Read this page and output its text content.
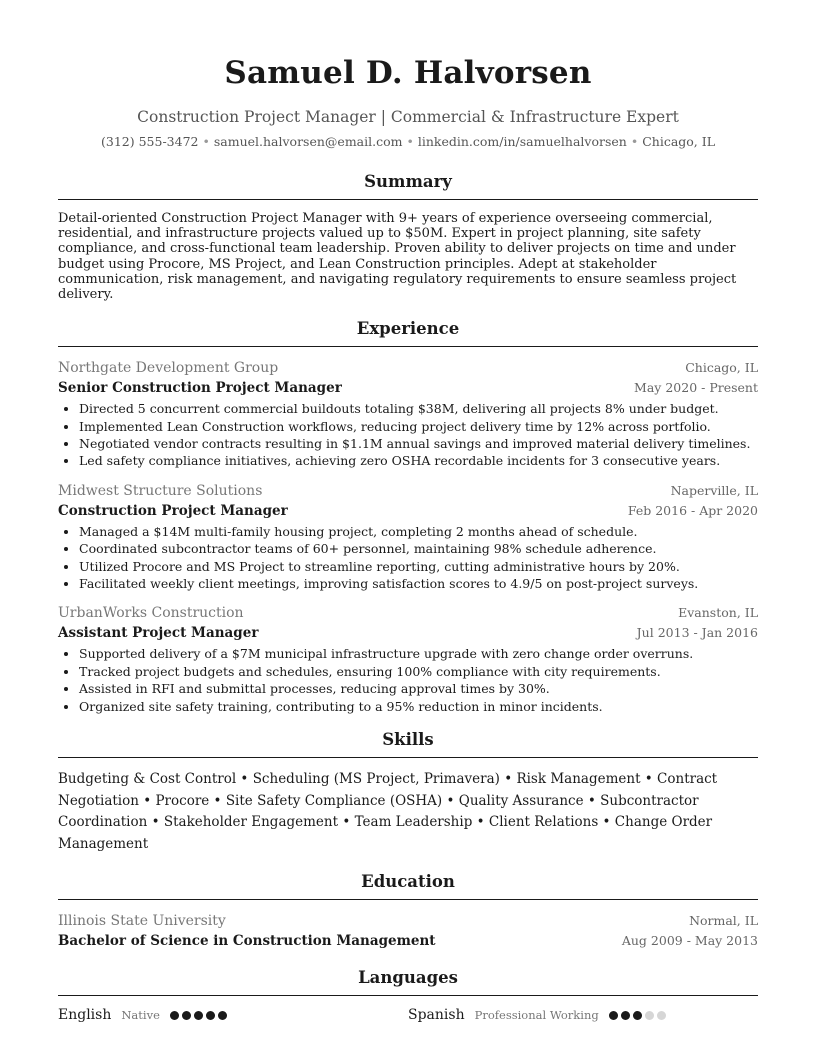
Samuel D. Halvorsen
Construction Project Manager | Commercial & Infrastructure Expert
(312) 555-3472 • samuel.halvorsen@email.com • linkedin.com/in/samuelhalvorsen • Chicago, IL
Summary
Detail-oriented Construction Project Manager with 9+ years of experience overseeing commercial, residential, and infrastructure projects valued up to $50M. Expert in project planning, site safety compliance, and cross-functional team leadership. Proven ability to deliver projects on time and under budget using Procore, MS Project, and Lean Construction principles. Adept at stakeholder communication, risk management, and navigating regulatory requirements to ensure seamless project delivery.
Experience
Northgate Development Group	Chicago, IL
Senior Construction Project Manager	May 2020 - Present
• Directed 5 concurrent commercial buildouts totaling $38M, delivering all projects 8% under budget.
• Implemented Lean Construction workflows, reducing project delivery time by 12% across portfolio.
• Negotiated vendor contracts resulting in $1.1M annual savings and improved material delivery timelines.
• Led safety compliance initiatives, achieving zero OSHA recordable incidents for 3 consecutive years.
Midwest Structure Solutions	Naperville, IL
Construction Project Manager	Feb 2016 - Apr 2020
• Managed a $14M multi-family housing project, completing 2 months ahead of schedule.
• Coordinated subcontractor teams of 60+ personnel, maintaining 98% schedule adherence.
• Utilized Procore and MS Project to streamline reporting, cutting administrative hours by 20%.
• Facilitated weekly client meetings, improving satisfaction scores to 4.9/5 on post-project surveys.
UrbanWorks Construction	Evanston, IL
Assistant Project Manager	Jul 2013 - Jan 2016
• Supported delivery of a $7M municipal infrastructure upgrade with zero change order overruns.
• Tracked project budgets and schedules, ensuring 100% compliance with city requirements.
• Assisted in RFI and submittal processes, reducing approval times by 30%.
• Organized site safety training, contributing to a 95% reduction in minor incidents.
Skills
Budgeting & Cost Control • Scheduling (MS Project, Primavera) • Risk Management • Contract Negotiation • Procore • Site Safety Compliance (OSHA) • Quality Assurance • Subcontractor Coordination • Stakeholder Engagement • Team Leadership • Client Relations • Change Order Management
Education
Illinois State University	Normal, IL
Bachelor of Science in Construction Management	Aug 2009 - May 2013
Languages
English Native	Spanish Professional Working
